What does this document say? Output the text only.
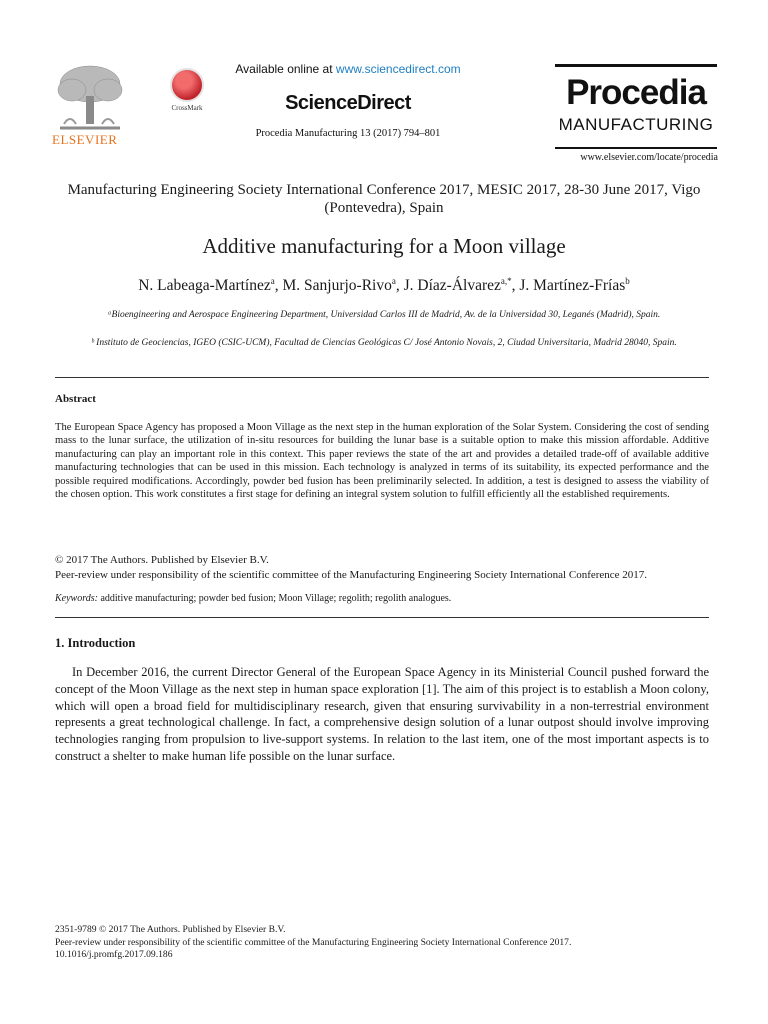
ELSEVIER
CrossMark
Available online at www.sciencedirect.com
ScienceDirect
Procedia Manufacturing 13 (2017) 794–801
Procedia
MANUFACTURING
www.elsevier.com/locate/procedia
Manufacturing Engineering Society International Conference 2017, MESIC 2017, 28-30 June 2017, Vigo (Pontevedra), Spain
Additive manufacturing for a Moon village
N. Labeaga-Martínez$^a$, M. Sanjurjo-Rivo$^a$, J. Díaz-Álvarez$^{a,*}$, J. Martínez-Frías$^b$
ᵃBioengineering and Aerospace Engineering Department, Universidad Carlos III de Madrid, Av. de la Universidad 30, Leganés (Madrid), Spain.
ᵇ Instituto de Geociencias, IGEO (CSIC-UCM), Facultad de Ciencias Geológicas C/ José Antonio Novais, 2, Ciudad Universitaria, Madrid 28040, Spain.
Abstract
The European Space Agency has proposed a Moon Village as the next step in the human exploration of the Solar System. Considering the cost of sending mass to the lunar surface, the utilization of in-situ resources for building the lunar base is a suitable option to make this mission affordable. Additive manufacturing can play an important role in this context. This paper reviews the state of the art and provides a detailed trade-off of available additive manufacturing technologies that can be used in this mission. Each technology is analyzed in terms of its suitability, its expected performance and the possible required modifications. Accordingly, powder bed fusion has been preliminarily selected. In addition, a test is designed to assess the viability of the chosen option. This work constitutes a first stage for defining an integral system solution to fulfill efficiently all the established requirements.
© 2017 The Authors. Published by Elsevier B.V.
Peer-review under responsibility of the scientific committee of the Manufacturing Engineering Society International Conference 2017.
Keywords: additive manufacturing; powder bed fusion; Moon Village; regolith; regolith analogues.
1. Introduction
In December 2016, the current Director General of the European Space Agency in its Ministerial Council pushed forward the concept of the Moon Village as the next step in human space exploration [1]. The aim of this project is to establish a Moon colony, which will open a broad field for multidisciplinary research, given that ensuring survivability in a non-terrestrial environment represents a great technological challenge. In fact, a comprehensive design solution of a lunar outpost should involve improving technologies ranging from propulsion to live-support systems. In relation to the last item, one of the most important aspects is to construct a shelter to make human life possible on the lunar surface.
2351-9789 © 2017 The Authors. Published by Elsevier B.V.
Peer-review under responsibility of the scientific committee of the Manufacturing Engineering Society International Conference 2017.
10.1016/j.promfg.2017.09.186
